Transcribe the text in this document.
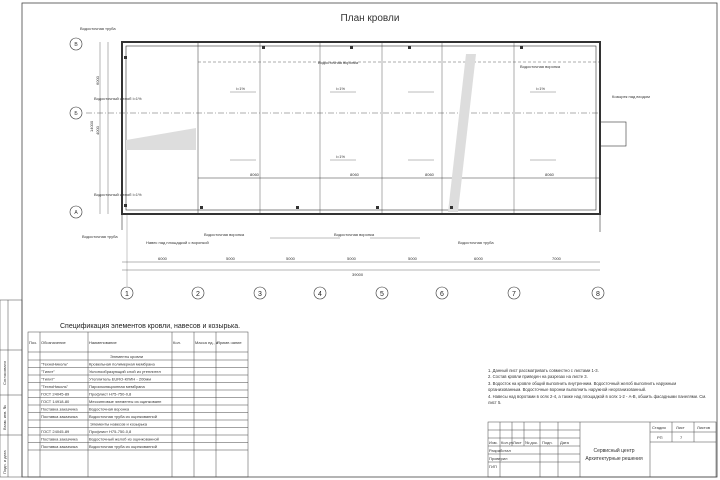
План кровли
8060	8060	8060	8060
i=1%	i=1%	i=1%
i=1%
Водосточная труба
Водосточная воронка
Водосточная воронка
Водосточный желоб i=1%
Водосточный желоб i=1%
Козырек над входом
Водосточная труба
Навес над площадкой с воронкой
Водосточная воронка	Водосточная воронка
Водосточная труба
6000
4000
14000
В
Б
А
6000	5000	5000	5000	5000	6000	7000
39000
1	2	3	4	5	6	7	8
Согласовано
Взам. инв. №
Подп. и дата
Спецификация элементов кровли, навесов и козырька.
Поз. Обозначение	Наименование	Кол.	Масса ед., кг
Приме-чание
Элементы кровли
"ТехноНиколь"	Кровельная полимерная мембрана
"Тилит"	Уклонообразующий слой из утеплител
"Тилит"	Утеплитель EURO-КЛИН - 200мм
"ТехноНиколь"	Пароизоляционная мембрана
ГОСТ 24045-89	Профлист Н75-750-0,8
ГОСТ 14918-80	Мессинговые элементы из оцинкованн
Поставка заказчика	Водосточная воронка
Поставка заказчика	Водосточная труба из оцинкованной
Элементы навесов и козырька
ГОСТ 24045-89	Профлист Н75-750-0,8
Поставка заказчика	Водосточный желоб из оцинкованной
Поставка заказчика	Водосточная труба из оцинкованной
Сервисный центр
Архитектурные решения
Стадия	Лист	Листов
РП	7
Разработал
Проверил
ГИП
Изм. Кол.уч Лист № док. Подп. Дата
1. Данный лист рассматривать совместно с листами 1-3.
2. Состав кровли приведен на разрезах на листе 3.
3. Водосток на кровле общий выполнить внутренним. Водосточный желоб выполнить наружным организованным. Водосточные воронки выполнить наружной неорганизованный.
4. Навесы над воротами в осях 2-4, а также над площадкой в осях 1-2 - А-В, обшить фасадными панелями. См. лист 5.
